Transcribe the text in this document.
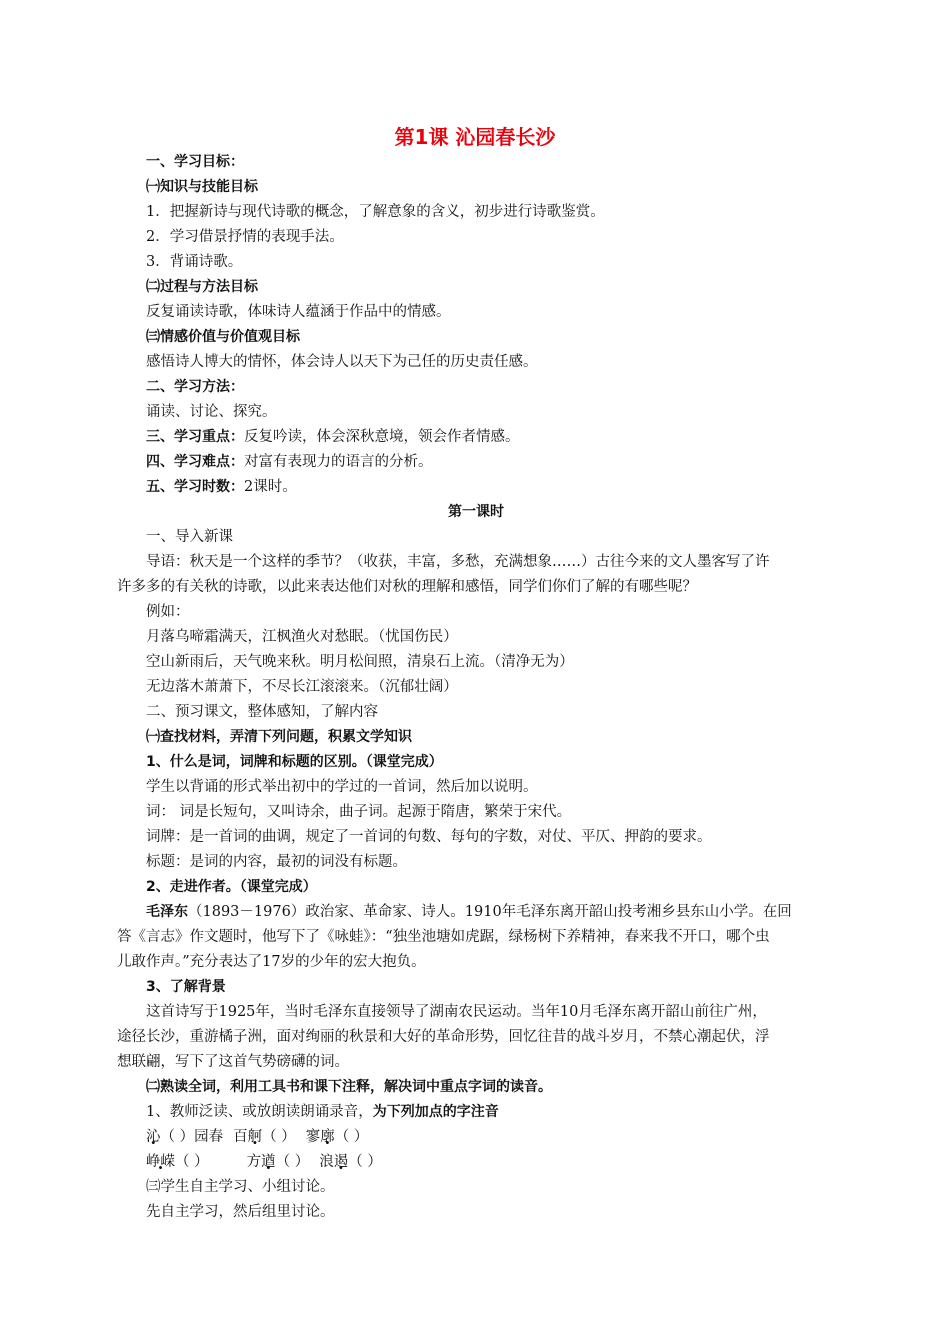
第1课 沁园春长沙
一、学习目标：
㈠知识与技能目标
1．把握新诗与现代诗歌的概念，了解意象的含义，初步进行诗歌鉴赏。
2．学习借景抒情的表现手法。
3．背诵诗歌。
㈡过程与方法目标
反复诵读诗歌，体味诗人蕴涵于作品中的情感。
㈢情感价值与价值观目标
感悟诗人博大的情怀，体会诗人以天下为己任的历史责任感。
二、学习方法：
诵读、讨论、探究。
三、学习重点：反复吟读，体会深秋意境，领会作者情感。
四、学习难点：对富有表现力的语言的分析。
五、学习时数：2课时。
第一课时
一、导入新课
导语：秋天是一个这样的季节？（收获，丰富，多愁，充满想象……）古往今来的文人墨客写了许
许多多的有关秋的诗歌，以此来表达他们对秋的理解和感悟，同学们你们了解的有哪些呢？
例如：
月落乌啼霜满天，江枫渔火对愁眠。（忧国伤民）
空山新雨后，天气晚来秋。明月松间照，清泉石上流。（清净无为）
无边落木萧萧下，不尽长江滚滚来。（沉郁壮阔）
二、预习课文，整体感知，了解内容
㈠查找材料，弄清下列问题，积累文学知识
1、什么是词，词牌和标题的区别。（课堂完成）
学生以背诵的形式举出初中的学过的一首词，然后加以说明。
词： 词是长短句，又叫诗余，曲子词。起源于隋唐，繁荣于宋代。
词牌：是一首词的曲调，规定了一首词的句数、每句的字数，对仗、平仄、押韵的要求。
标题：是词的内容，最初的词没有标题。
2、走进作者。（课堂完成）
毛泽东（1893－1976）政治家、革命家、诗人。1910年毛泽东离开韶山投考湘乡县东山小学。在回
答《言志》作文题时，他写下了《咏蛙》：“独坐池塘如虎踞，绿杨树下养精神，春来我不开口，哪个虫
儿敢作声。”充分表达了17岁的少年的宏大抱负。
3、了解背景
这首诗写于1925年，当时毛泽东直接领导了湖南农民运动。当年10月毛泽东离开韶山前往广州，
途径长沙，重游橘子洲，面对绚丽的秋景和大好的革命形势，回忆往昔的战斗岁月，不禁心潮起伏，浮
想联翩，写下了这首气势磅礴的词。
㈡熟读全词，利用工具书和课下注释，解决词中重点字词的读音。
1、教师泛读、或放朗读朗诵录音，为下列加点的字注音
沁（ ）园春 百舸（ ） 寥廓（ ）
峥嵘（ ）	方遒（ ） 浪遏（ ）
㈢学生自主学习、小组讨论。
先自主学习，然后组里讨论。
